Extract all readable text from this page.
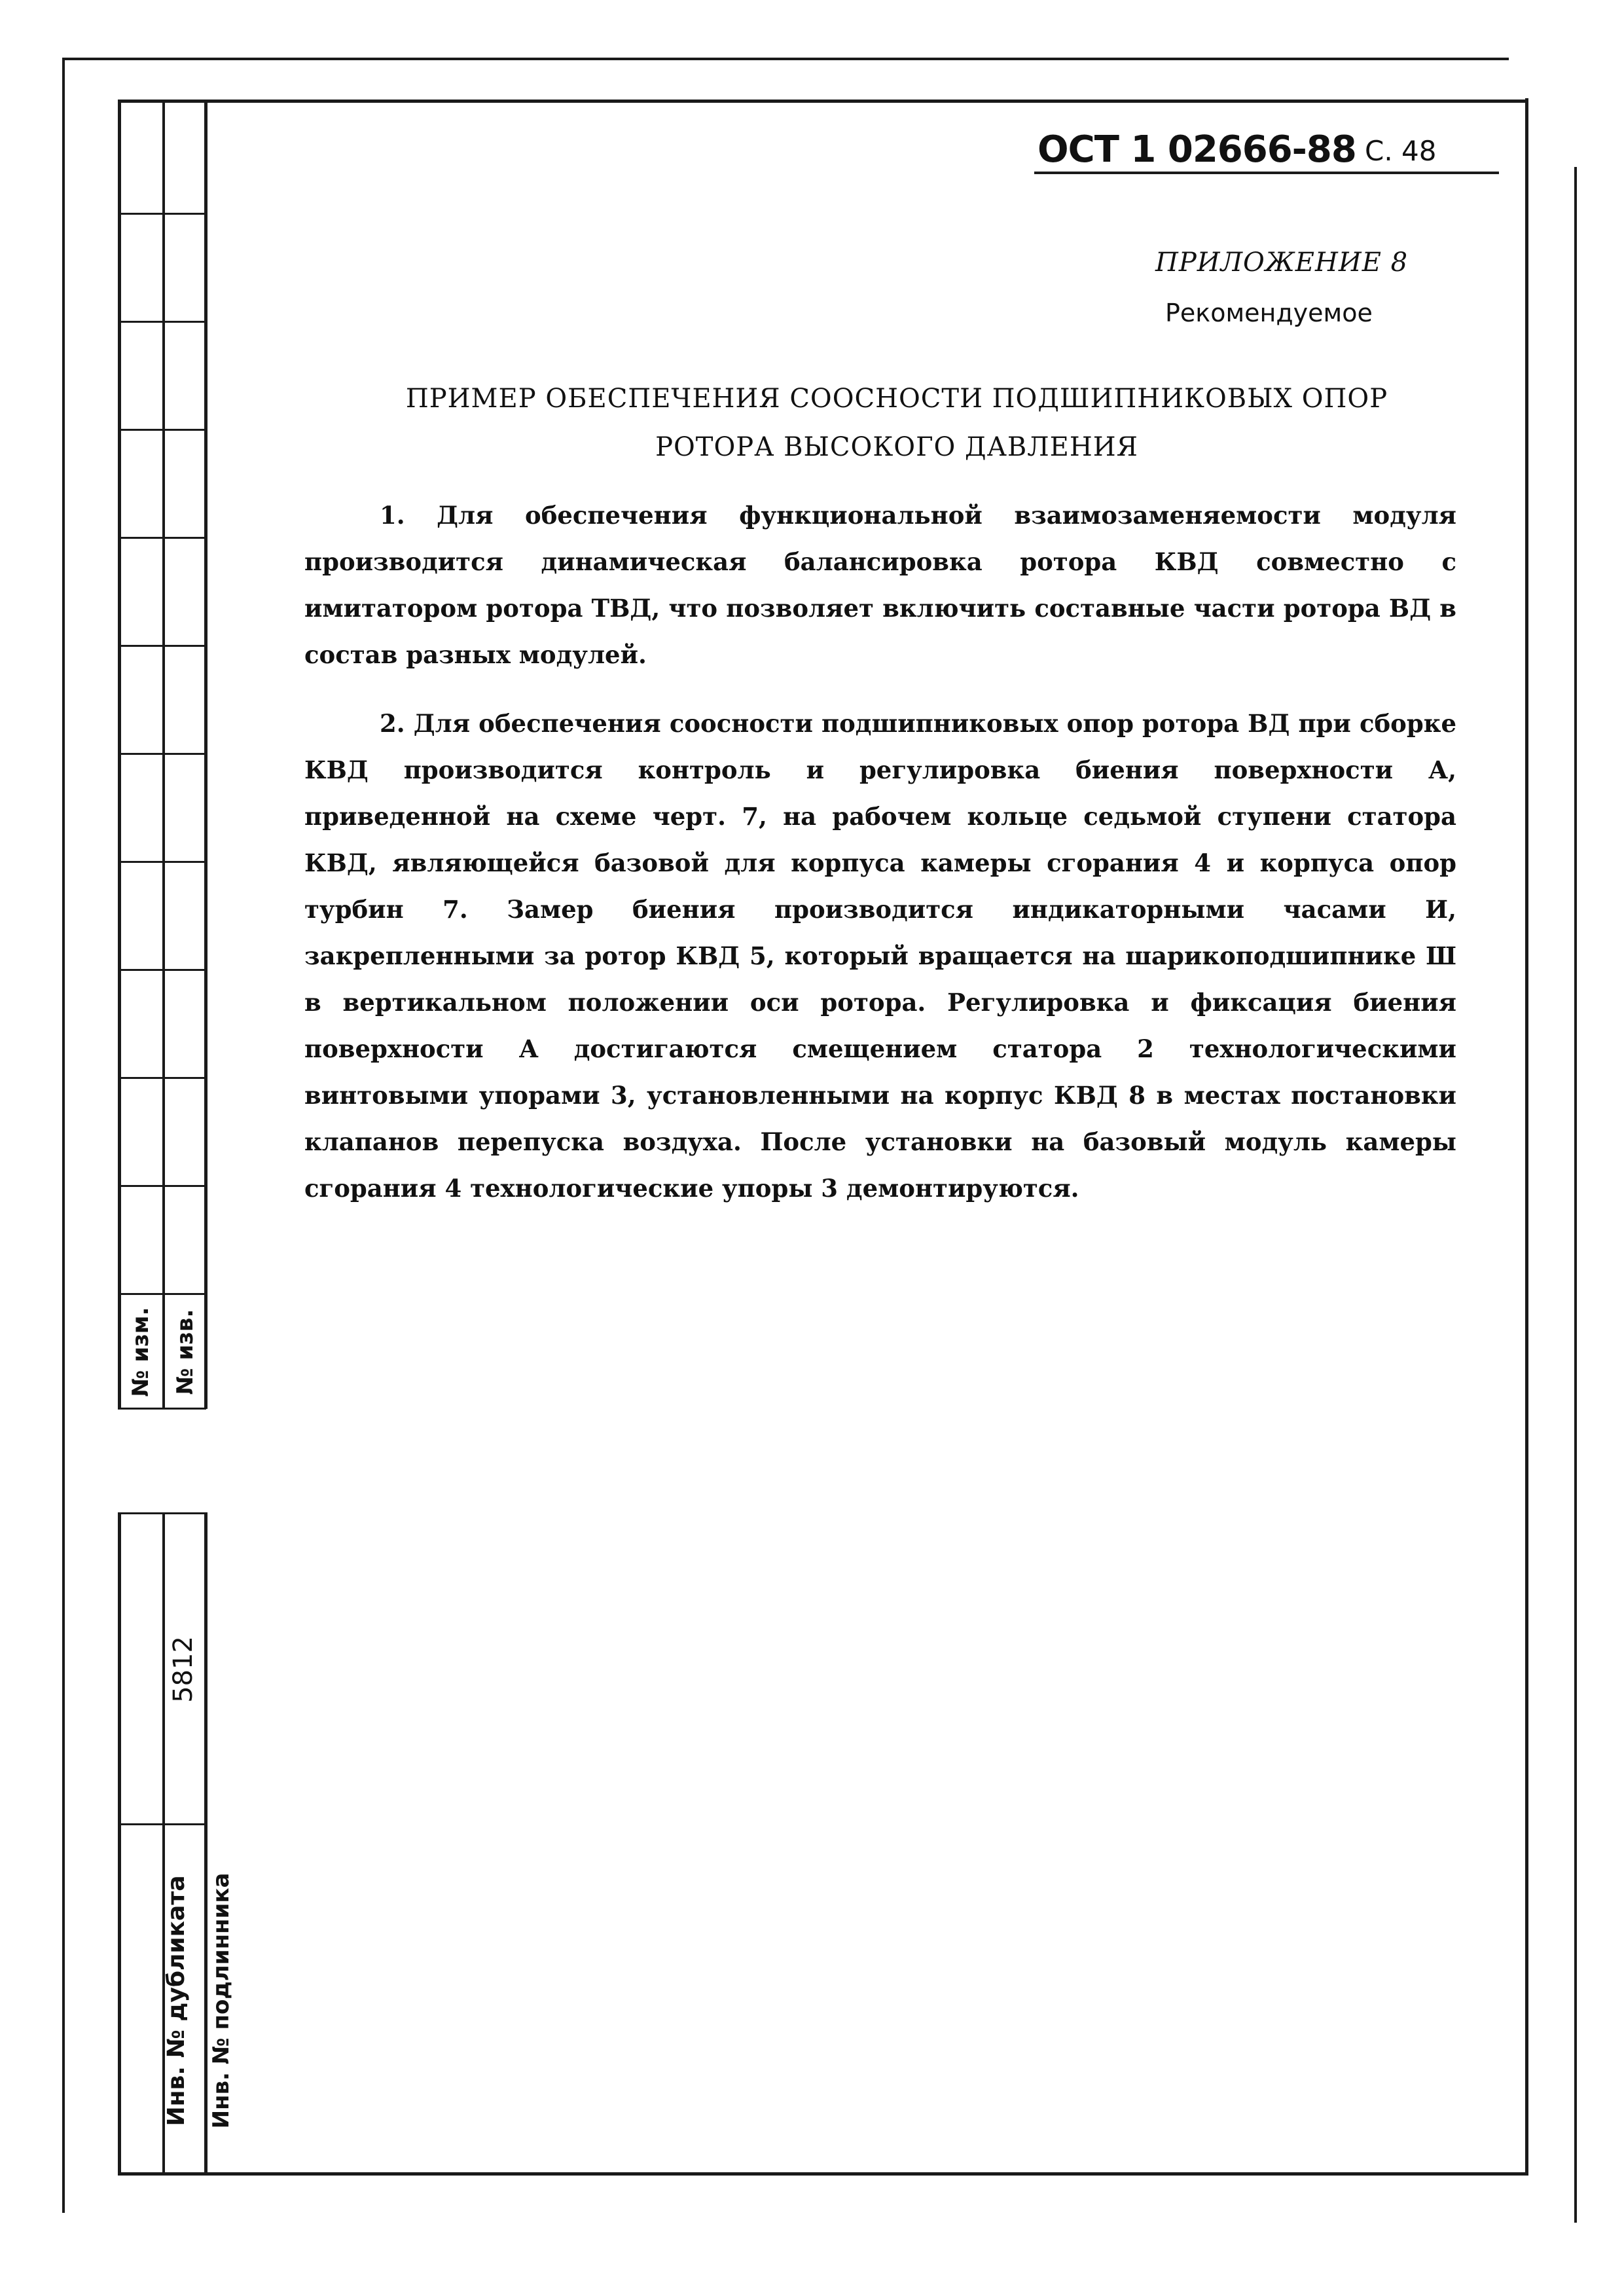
№ изм. № изв.
5812
Инв. № дубликата Инв. № подлинника
ОСТ 1 02666-88 С. 48
ПРИЛОЖЕНИЕ 8
Рекомендуемое
ПРИМЕР ОБЕСПЕЧЕНИЯ СООСНОСТИ ПОДШИПНИКОВЫХ ОПОР
РОТОРА ВЫСОКОГО ДАВЛЕНИЯ

1. Для обеспечения функциональной взаимозаменяемости модуля производится динамическая балансировка ротора КВД совместно с имитатором ротора ТВД, что позволяет включить составные части ротора ВД в состав разных модулей.

2. Для обеспечения соосности подшипниковых опор ротора ВД при сборке КВД производится контроль и регулировка биения поверхности А, приведенной на схеме черт. 7, на рабочем кольце седьмой ступени статора КВД, являющейся базовой для корпуса камеры сгорания 4 и корпуса опор турбин 7. Замер биения производится индикаторными часами И, закрепленными за ротор КВД 5, который вращается на шарикоподшипнике Ш в вертикальном положении оси ротора. Регулировка и фиксация биения поверхности А достигаются смещением статора 2 технологическими винтовыми упорами 3, установленными на корпус КВД 8 в местах постановки клапанов перепуска воздуха. После установки на базовый модуль камеры сгорания 4 технологические упоры 3 демонтируются.
